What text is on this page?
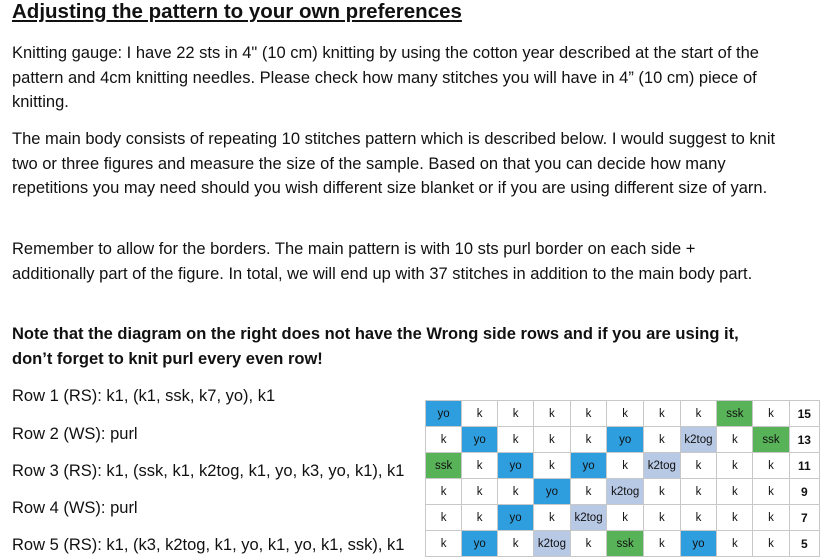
Adjusting the pattern to your own preferences

Knitting gauge: I have 22 sts in 4" (10 cm) knitting by using the cotton year described at the start of the pattern and 4cm knitting needles. Please check how many stitches you will have in 4” (10 cm) piece of knitting.

The main body consists of repeating 10 stitches pattern which is described below. I would suggest to knit two or three figures and measure the size of the sample. Based on that you can decide how many repetitions you may need should you wish different size blanket or if you are using different size of yarn.

Remember to allow for the borders. The main pattern is with 10 sts purl border on each side + additionally part of the figure. In total, we will end up with 37 stitches in addition to the main body part.

Note that the diagram on the right does not have the Wrong side rows and if you are using it, don’t forget to knit purl every even row!

Row 1 (RS): k1, (k1, ssk, k7, yo), k1

Row 2 (WS): purl

Row 3 (RS): k1, (ssk, k1, k2tog, k1, yo, k3, yo, k1), k1

Row 4 (WS): purl

Row 5 (RS): k1, (k3, k2tog, k1, yo, k1, yo, k1, ssk), k1

yo	k	k	k	k	k	k	k	ssk	k	15
k	yo	k	k	k	yo	k	k2tog	k	ssk	13
ssk	k	yo	k	yo	k	k2tog	k	k	k	11
k	k	k	yo	k	k2tog	k	k	k	k	9
k	k	yo	k	k2tog	k	k	k	k	k	7
k	yo	k	k2tog	k	ssk	k	yo	k	k	5
